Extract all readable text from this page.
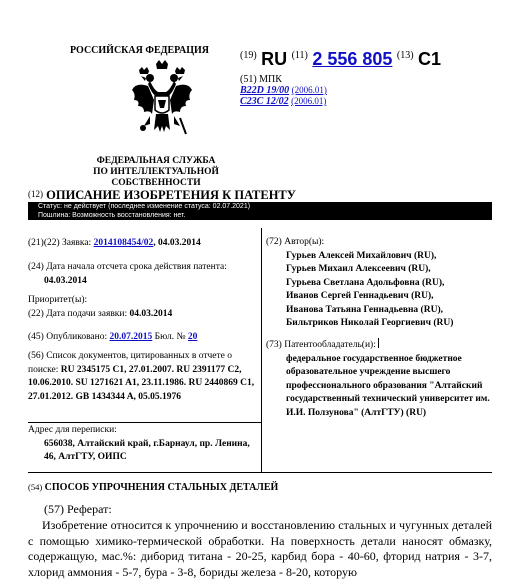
РОССИЙСКАЯ ФЕДЕРАЦИЯ
ФЕДЕРАЛЬНАЯ СЛУЖБА
ПО ИНТЕЛЛЕКТУАЛЬНОЙ СОБСТВЕННОСТИ
$^{(19)}$ RU $^{(11)}$ 2 556 805 $^{(13)}$ C1
(51) МПК
B22D 19/00 (2006.01)
C23C 12/02 (2006.01)
(12) ОПИСАНИЕ ИЗОБРЕТЕНИЯ К ПАТЕНТУ
Статус: не действует (последнее изменение статуса: 02.07.2021)
Пошлина: Возможность восстановления: нет.
(21)(22) Заявка: 2014108454/02, 04.03.2014
(24) Дата начала отсчета срока действия патента:
04.03.2014
Приоритет(ы):
(22) Дата подачи заявки: 04.03.2014
(45) Опубликовано: 20.07.2015 Бюл. № 20
(56) Список документов, цитированных в отчете о поиске: RU 2345175 C1, 27.01.2007. RU 2391177 C2, 10.06.2010. SU 1271621 A1, 23.11.1986. RU 2440869 C1, 27.01.2012. GB 1434344 A, 05.05.1976
Адрес для переписки:
656038, Алтайский край, г.Барнаул, пр. Ленина, 46, АлтГТУ, ОИПС
(72) Автор(ы):
Гурьев Алексей Михайлович (RU),
Гурьев Михаил Алексеевич (RU),
Гурьева Светлана Адольфовна (RU),
Иванов Сергей Геннадьевич (RU),
Иванова Татьяна Геннадьевна (RU),
Бильтриков Николай Георгиевич (RU)
(73) Патентообладатель(и):
федеральное государственное бюджетное образовательное учреждение высшего профессионального образования "Алтайский государственный технический университет им. И.И. Ползунова" (АлтГТУ) (RU)
(54) СПОСОБ УПРОЧНЕНИЯ СТАЛЬНЫХ ДЕТАЛЕЙ
(57) Реферат:
Изобретение относится к упрочнению и восстановлению стальных и чугунных деталей с помощью химико-термической обработки. На поверхность детали наносят обмазку, содержащую, мас.%: диборид титана - 20-25, карбид бора - 40-60, фторид натрия - 3-7, хлорид аммония - 5-7, бура - 3-8, бориды железа - 8-20, которую
